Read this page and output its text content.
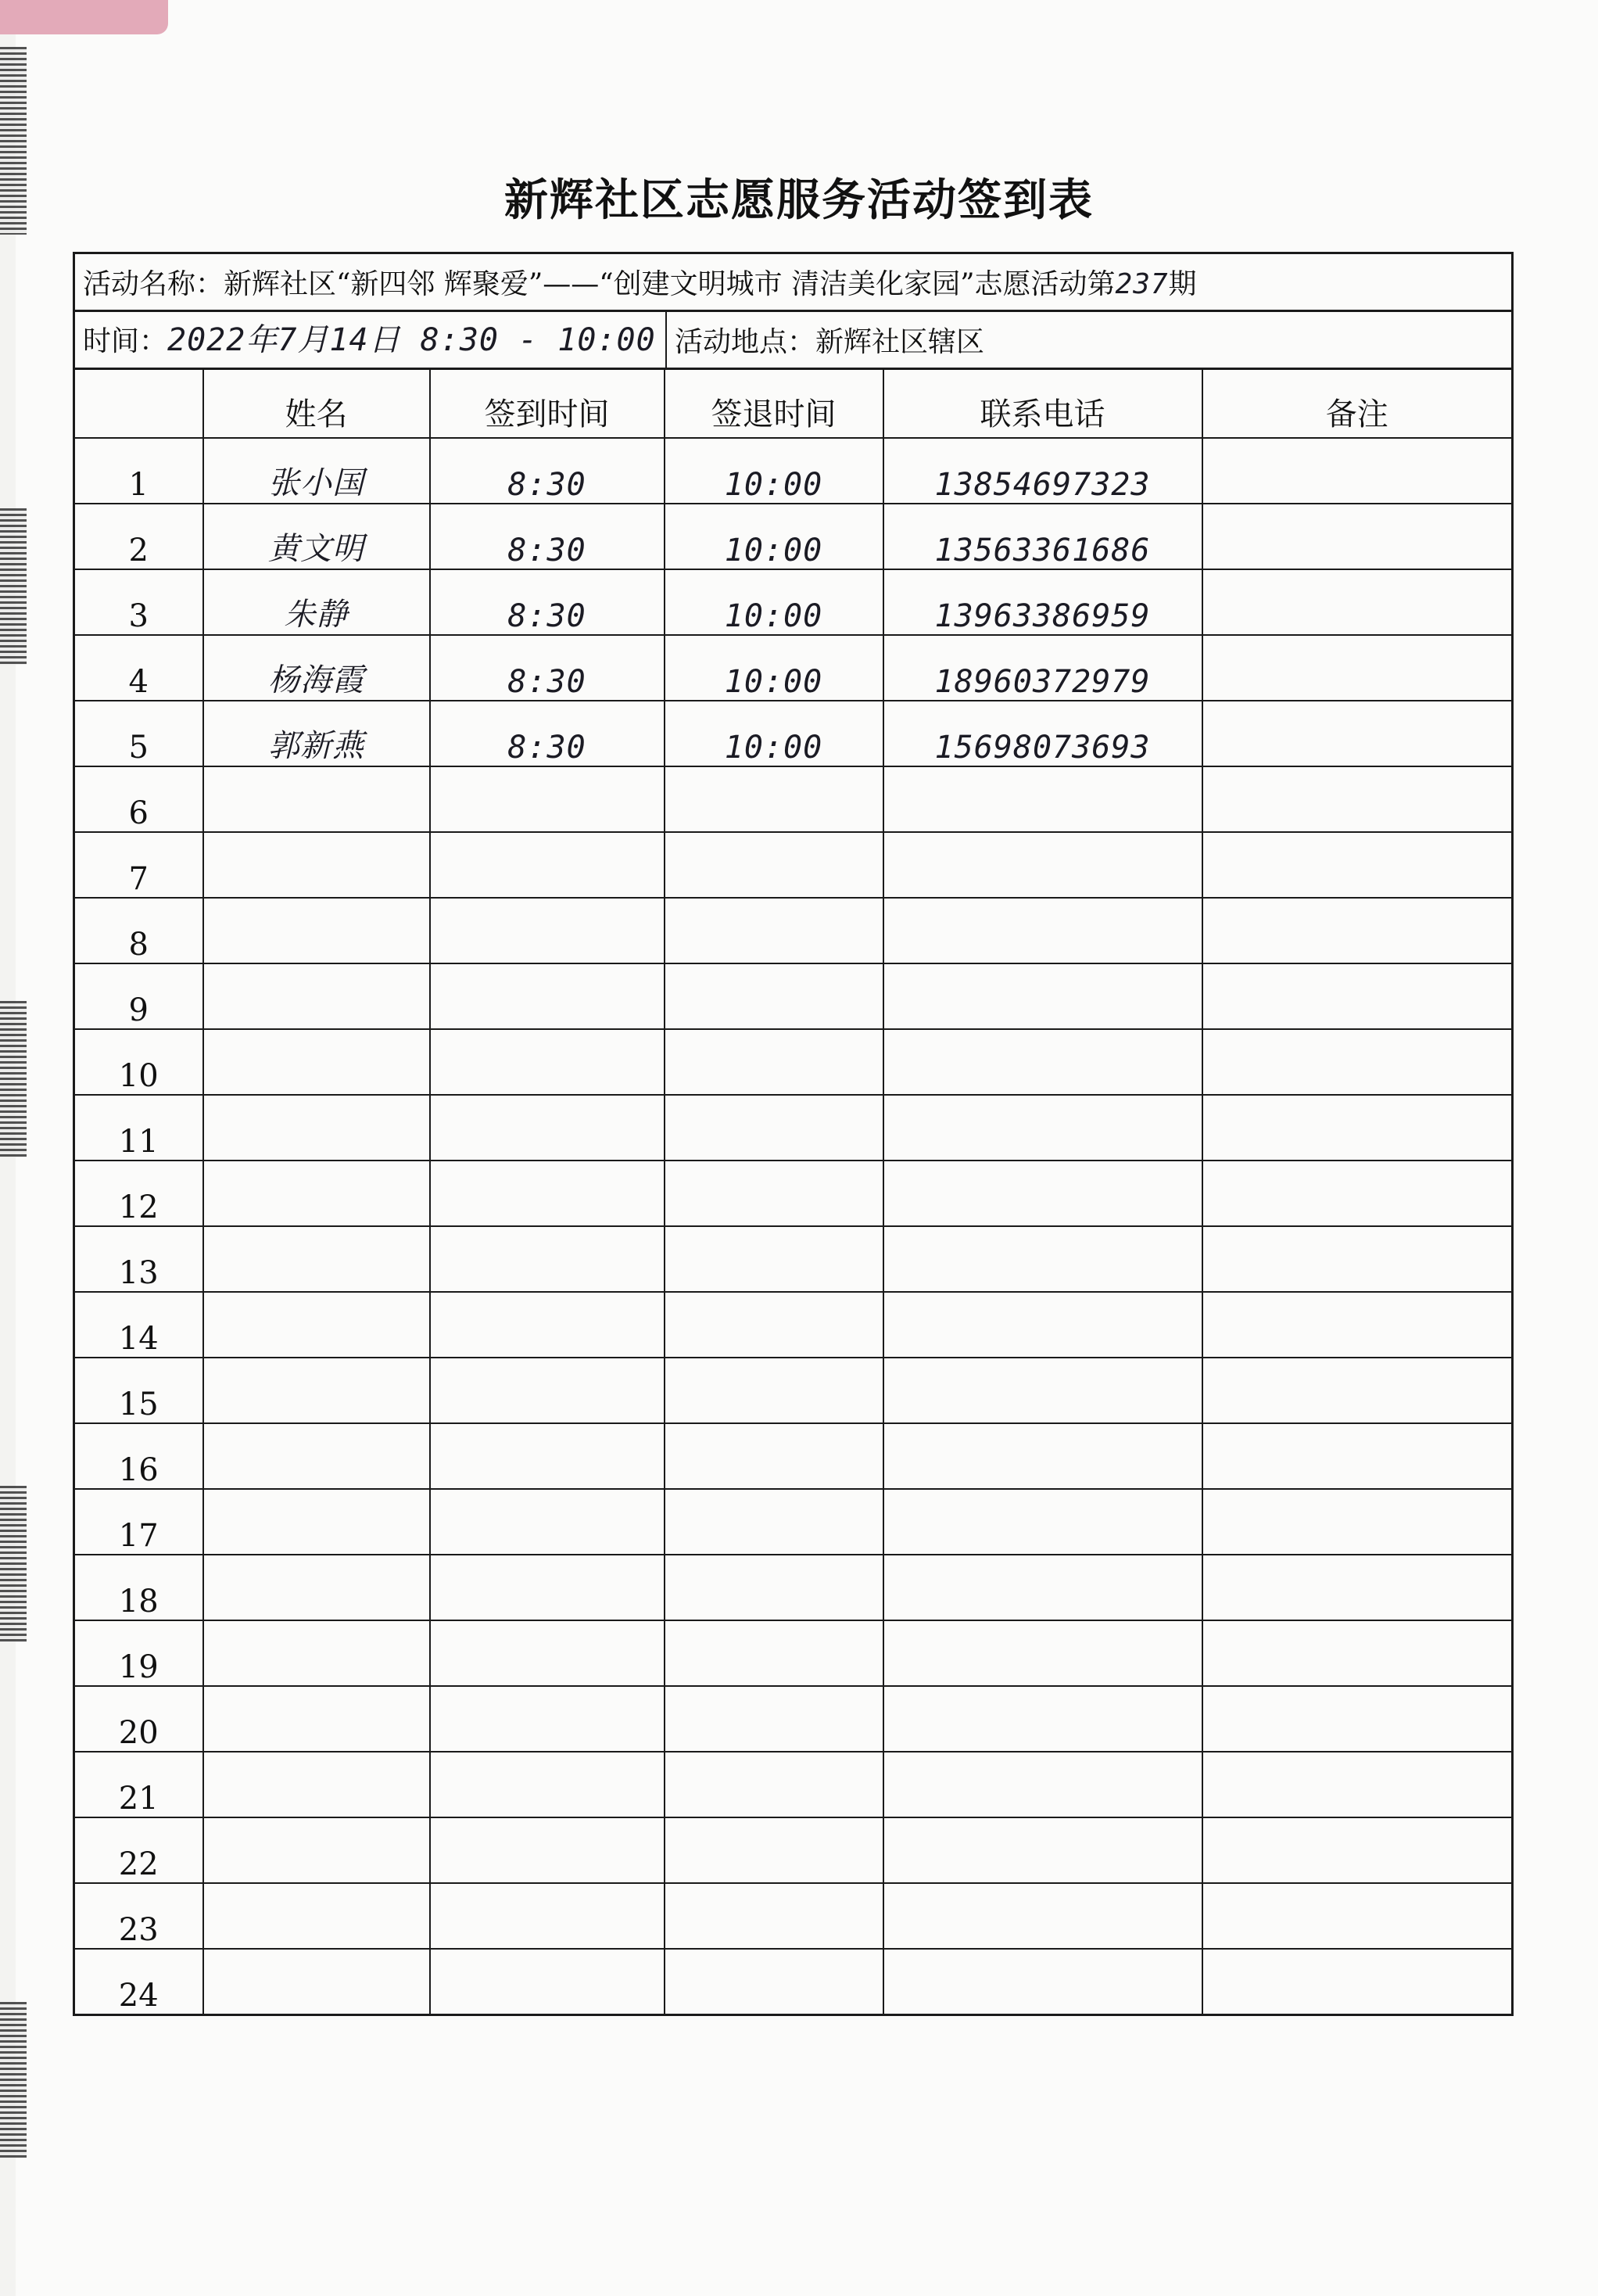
新辉社区志愿服务活动签到表
活动名称：新辉社区“新四邻 辉聚爱”——“创建文明城市 清洁美化家园”志愿活动第237期
时间：2022年7月14日 8:30 - 10:00 活动地点：新辉社区辖区
	姓名	签到时间	签退时间	联系电话	备注
1	张小国	8:30	10:00	13854697323	
2	黄文明	8:30	10:00	13563361686	
3	朱静	8:30	10:00	13963386959	
4	杨海霞	8:30	10:00	18960372979	
5	郭新燕	8:30	10:00	15698073693	
6					
7					
8					
9					
10					
11					
12					
13					
14					
15					
16					
17					
18					
19					
20					
21					
22					
23					
24					
